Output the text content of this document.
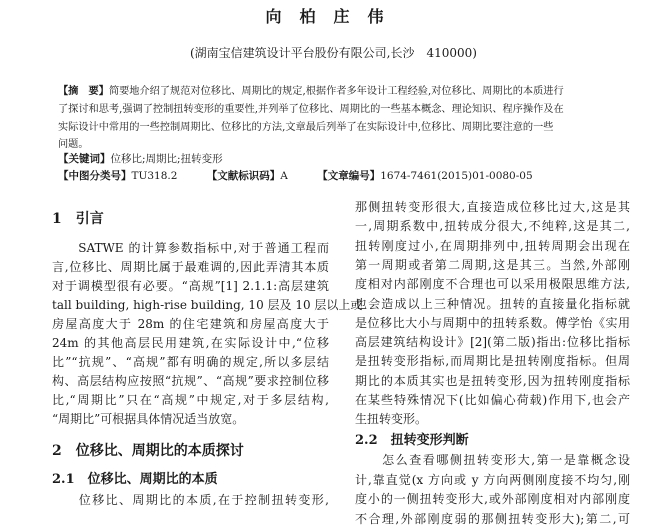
向柏庄伟
(湖南宝信建筑设计平台股份有限公司,长沙　410000)
【摘　要】简要地介绍了规范对位移比、周期比的规定,根据作者多年设计工程经验,对位移比、周期比的本质进行
了探讨和思考,强调了控制扭转变形的重要性,并列举了位移比、周期比的一些基本概念、理论知识、程序操作及在
实际设计中常用的一些控制周期比、位移比的方法,文章最后列举了在实际设计中,位移比、周期比要注意的一些
问题。
【关键词】位移比;周期比;扭转变形
【中图分类号】TU318.2	【文献标识码】A	【文章编号】1674-7461(2015)01-0080-05
1　引言
　　SATWE 的计算参数指标中,对于普通工程而
言,位移比、周期比属于最难调的,因此弄清其本质
对于调模型很有必要。“高规”[1] 2.1.1:高层建筑
tall building, high-rise building, 10 层及 10 层以上或
房屋高度大于 28m 的住宅建筑和房屋高度大于
24m 的其他高层民用建筑,在实际设计中,“位移
比”“抗规”、“高规”都有明确的规定,所以多层结
构、高层结构应按照“抗规”、“高规”要求控制位移
比,“周期比”只在“高规”中规定,对于多层结构,
“周期比”可根据具体情况适当放宽。
2　位移比、周期比的本质探讨
2.1　位移比、周期比的本质
　　位移比、周期比的本质,在于控制扭转变形,
那侧扭转变形很大,直接造成位移比过大,这是其
一,周期系数中,扭转成分很大,不纯粹,这是其二,
扭转刚度过小,在周期排列中,扭转周期会出现在
第一周期或者第二周期,这是其三。当然,外部刚
度相对内部刚度不合理也可以采用极限思维方法,
也会造成以上三种情况。扭转的直接量化指标就
是位移比大小与周期中的扭转系数。傅学怡《实用
高层建筑结构设计》[2](第二版)指出:位移比指标
是扭转变形指标,而周期比是扭转刚度指标。但周
期比的本质其实也是扭转变形,因为扭转刚度指标
在某些特殊情况下(比如偏心荷载)作用下,也会产
生扭转变形。
2.2　扭转变形判断
　　怎么查看哪侧扭转变形大,第一是靠概念设
计,靠直觉(x 方向或 y 方向两侧刚度接不均匀,刚
度小的一侧扭转变形大,或外部刚度相对内部刚度
不合理,外部刚度弱的那侧扭转变形大);第二,可
